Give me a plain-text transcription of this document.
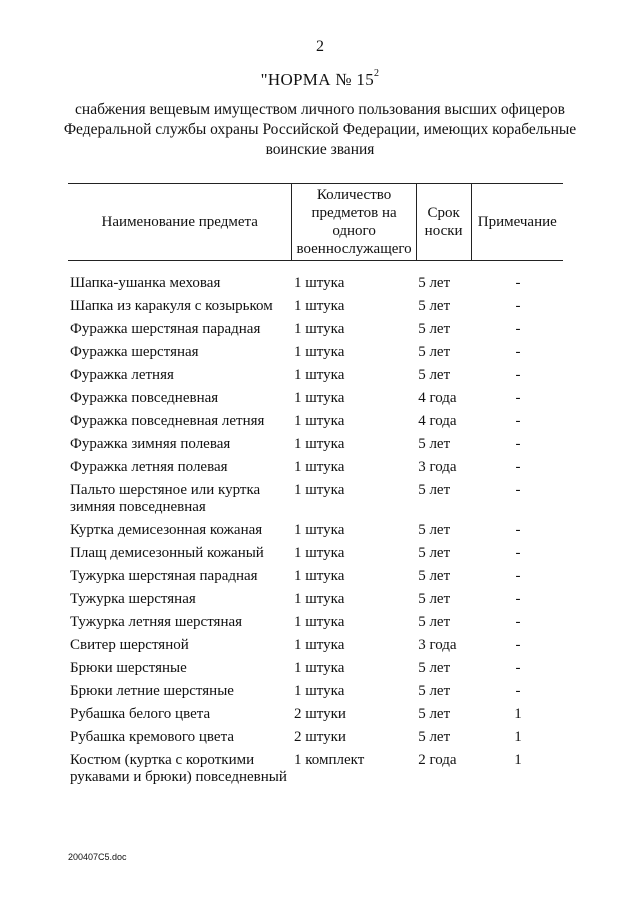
2
"НОРМА № $15^2$
снабжения вещевым имуществом личного пользования высших офицеров Федеральной службы охраны Российской Федерации, имеющих корабельные воинские звания
Наименование предмета	Количество предметов на одного военнослужащего	Срок носки	Примечание
Шапка-ушанка меховая	1 штука	5 лет	-
Шапка из каракуля с козырьком	1 штука	5 лет	-
Фуражка шерстяная парадная	1 штука	5 лет	-
Фуражка шерстяная	1 штука	5 лет	-
Фуражка летняя	1 штука	5 лет	-
Фуражка повседневная	1 штука	4 года	-
Фуражка повседневная летняя	1 штука	4 года	-
Фуражка зимняя полевая	1 штука	5 лет	-
Фуражка летняя полевая	1 штука	3 года	-
Пальто шерстяное или куртка зимняя повседневная	1 штука	5 лет	-
Куртка демисезонная кожаная	1 штука	5 лет	-
Плащ демисезонный кожаный	1 штука	5 лет	-
Тужурка шерстяная парадная	1 штука	5 лет	-
Тужурка шерстяная	1 штука	5 лет	-
Тужурка летняя шерстяная	1 штука	5 лет	-
Свитер шерстяной	1 штука	3 года	-
Брюки шерстяные	1 штука	5 лет	-
Брюки летние шерстяные	1 штука	5 лет	-
Рубашка белого цвета	2 штуки	5 лет	1
Рубашка кремового цвета	2 штуки	5 лет	1
Костюм (куртка с короткими рукавами и брюки) повседневный	1 комплект	2 года	1
200407C5.doc
